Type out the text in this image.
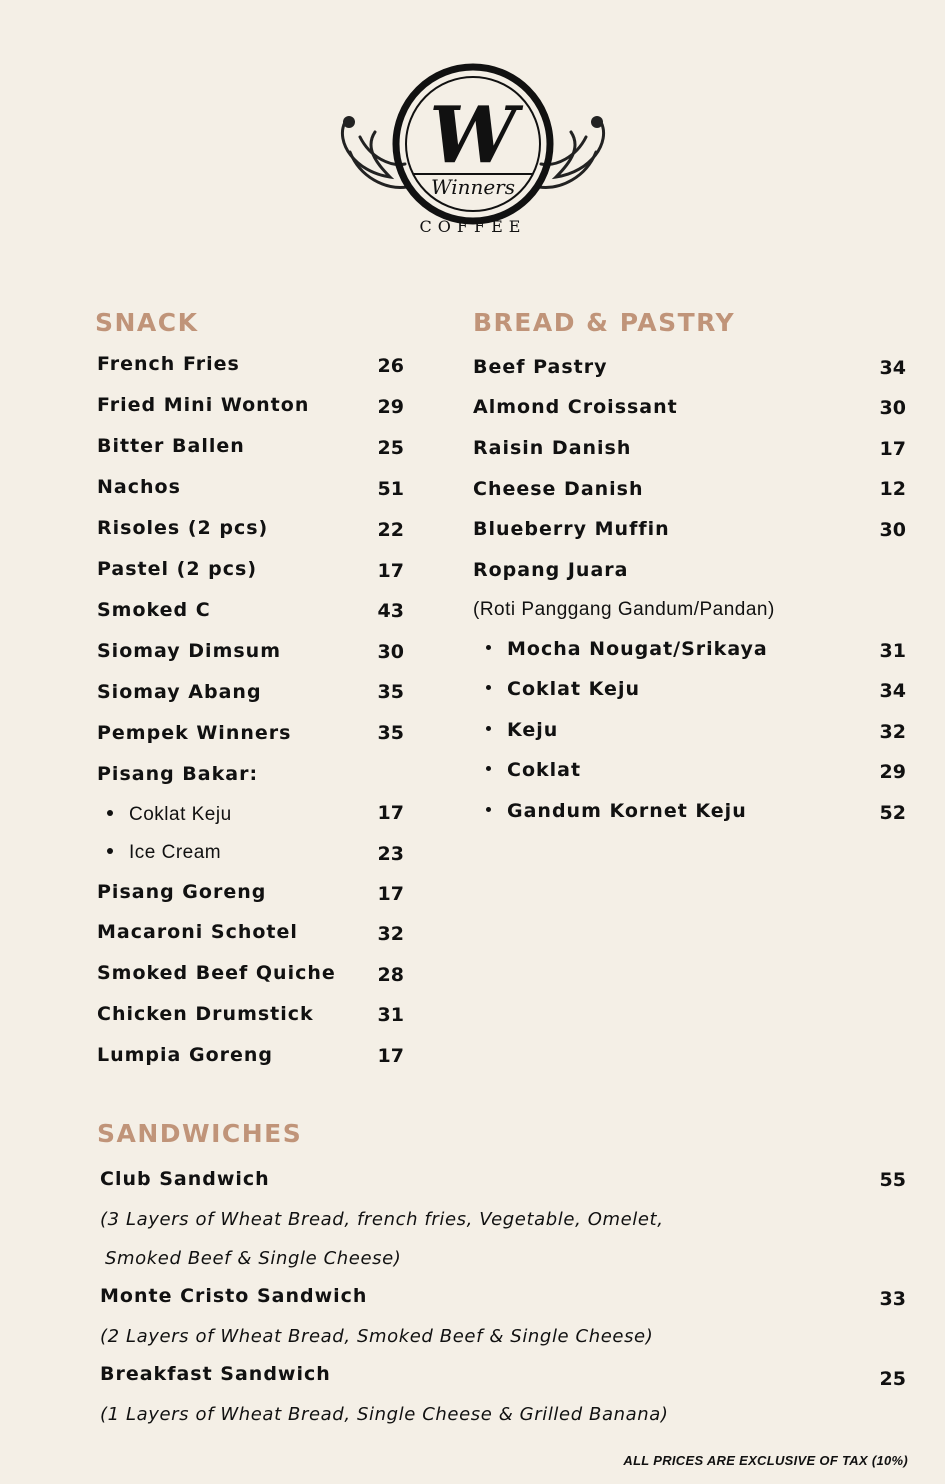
W
Winners
COFFEE
SNACK
French Fries	26
Fried Mini Wonton	29
Bitter Ballen	25
Nachos	51
Risoles (2 pcs)	22
Pastel (2 pcs)	17
Smoked C	43
Siomay Dimsum	30
Siomay Abang	35
Pempek Winners	35
Pisang Bakar:
Coklat Keju	17
Ice Cream	23
Pisang Goreng	17
Macaroni Schotel	32
Smoked Beef Quiche	28
Chicken Drumstick	31
Lumpia Goreng	17
BREAD & PASTRY
Beef Pastry	34
Almond Croissant	30
Raisin Danish	17
Cheese Danish	12
Blueberry Muffin	30
Ropang Juara
(Roti Panggang Gandum/Pandan)
Mocha Nougat/Srikaya	31
Coklat Keju	34
Keju	32
Coklat	29
Gandum Kornet Keju	52
SANDWICHES
Club Sandwich	55
(3 Layers of Wheat Bread, french fries, Vegetable, Omelet,
Smoked Beef & Single Cheese)
Monte Cristo Sandwich	33
(2 Layers of Wheat Bread, Smoked Beef & Single Cheese)
Breakfast Sandwich	25
(1 Layers of Wheat Bread, Single Cheese & Grilled Banana)
ALL PRICES ARE EXCLUSIVE OF TAX (10%)
